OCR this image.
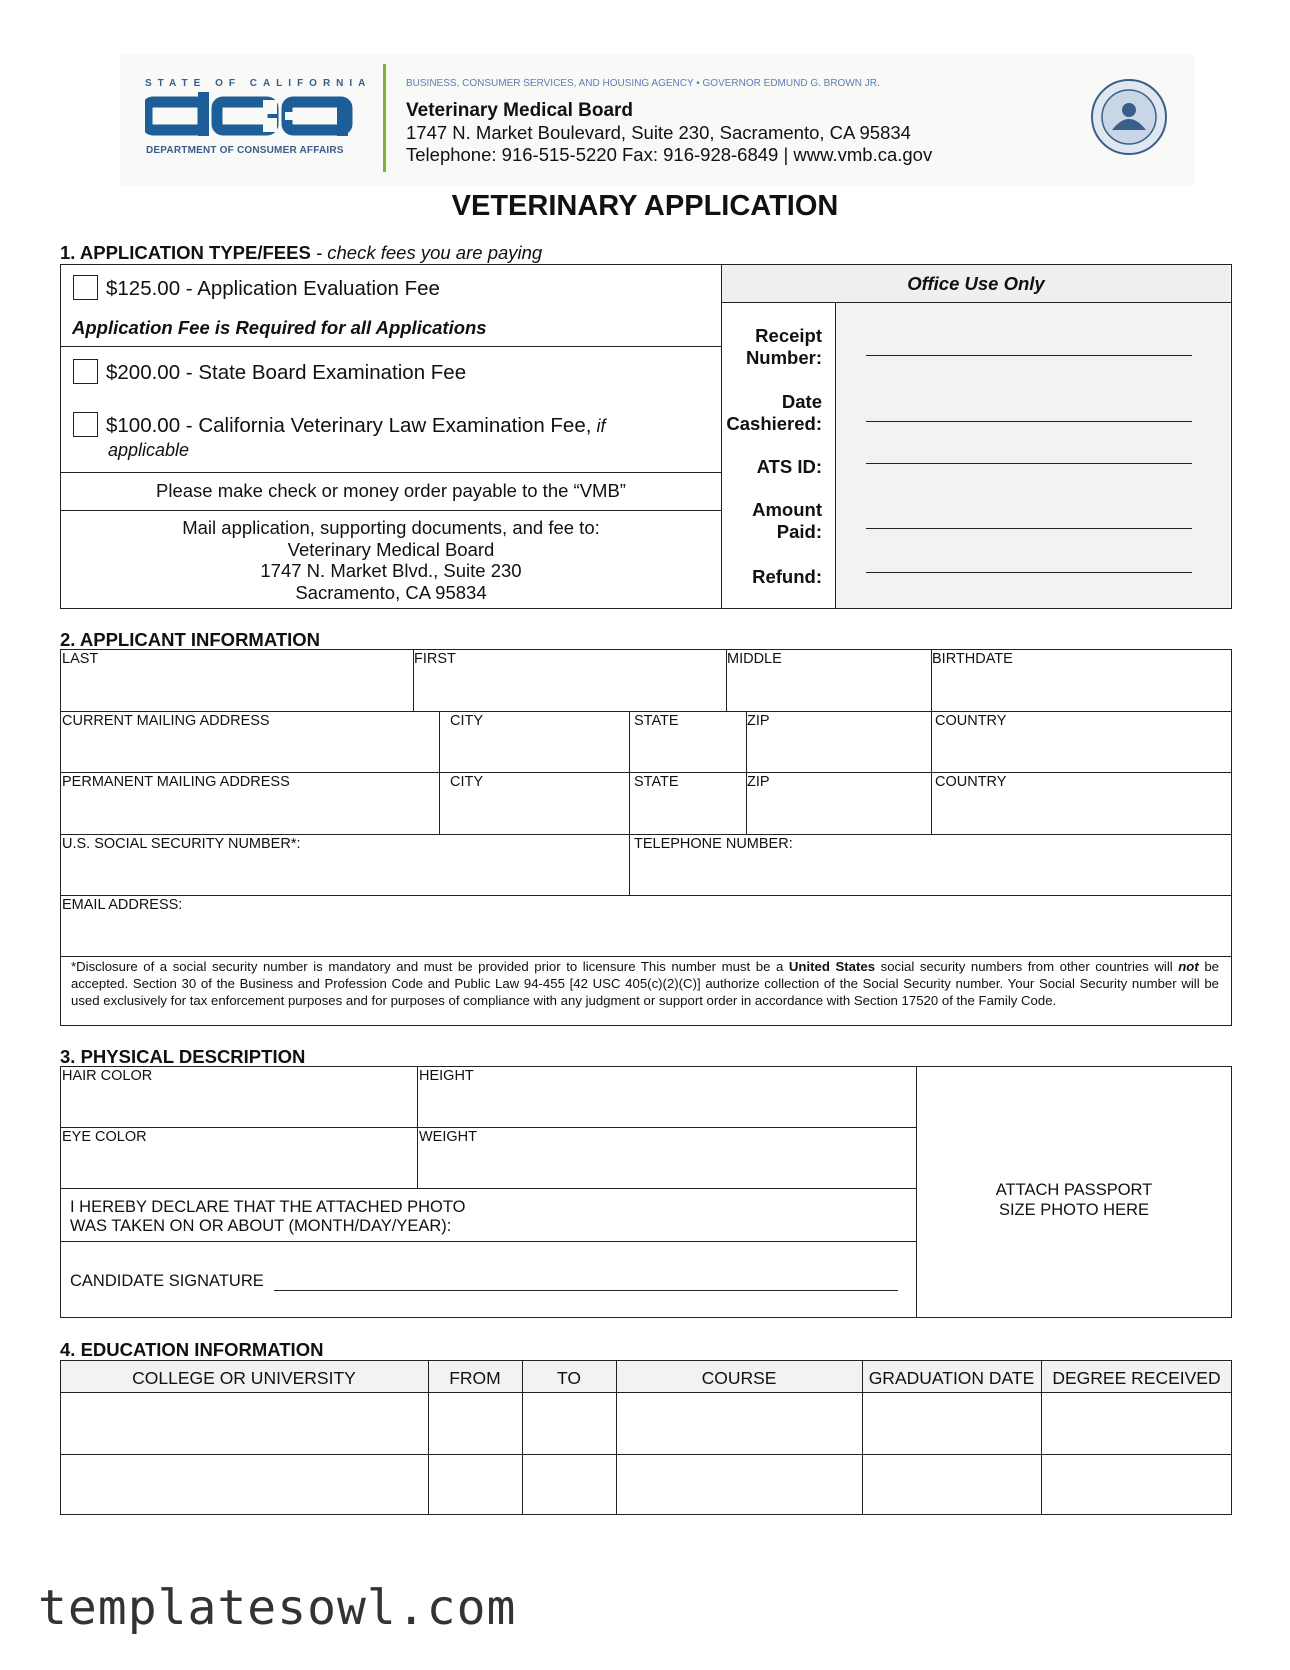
STATE OF CALIFORNIA
DEPARTMENT OF CONSUMER AFFAIRS
BUSINESS, CONSUMER SERVICES, AND HOUSING AGENCY • GOVERNOR EDMUND G. BROWN JR.
Veterinary Medical Board
1747 N. Market Boulevard, Suite 230, Sacramento, CA 95834
Telephone: 916-515-5220 Fax: 916-928-6849 | www.vmb.ca.gov
VETERINARY APPLICATION
1. APPLICATION TYPE/FEES - check fees you are paying
$125.00 - Application Evaluation Fee
Application Fee is Required for all Applications
$200.00 - State Board Examination Fee
$100.00 - California Veterinary Law Examination Fee, if
applicable
Please make check or money order payable to the “VMB”
Mail application, supporting documents, and fee to:
Veterinary Medical Board
1747 N. Market Blvd., Suite 230
Sacramento, CA 95834
Office Use Only
Receipt Number:
Date Cashiered:
ATS ID:
Amount Paid:
Refund:
2. APPLICANT INFORMATION
LAST	FIRST	MIDDLE	BIRTHDATE
CURRENT MAILING ADDRESS	CITY	STATE	ZIP	COUNTRY
PERMANENT MAILING ADDRESS	CITY	STATE	ZIP	COUNTRY
U.S. SOCIAL SECURITY NUMBER*:	TELEPHONE NUMBER:
EMAIL ADDRESS:
*Disclosure of a social security number is mandatory and must be provided prior to licensure This number must be a United States social security numbers from other countries will not be accepted. Section 30 of the Business and Profession Code and Public Law 94-455 [42 USC 405(c)(2)(C)] authorize collection of the Social Security number. Your Social Security number will be used exclusively for tax enforcement purposes and for purposes of compliance with any judgment or support order in accordance with Section 17520 of the Family Code.
3. PHYSICAL DESCRIPTION
HAIR COLOR	HEIGHT
EYE COLOR	WEIGHT
I HEREBY DECLARE THAT THE ATTACHED PHOTO
WAS TAKEN ON OR ABOUT (MONTH/DAY/YEAR):
CANDIDATE SIGNATURE
ATTACH PASSPORT
SIZE PHOTO HERE
4. EDUCATION INFORMATION
COLLEGE OR UNIVERSITY	FROM	TO	COURSE	GRADUATION DATE	DEGREE RECEIVED
templatesowl.com
